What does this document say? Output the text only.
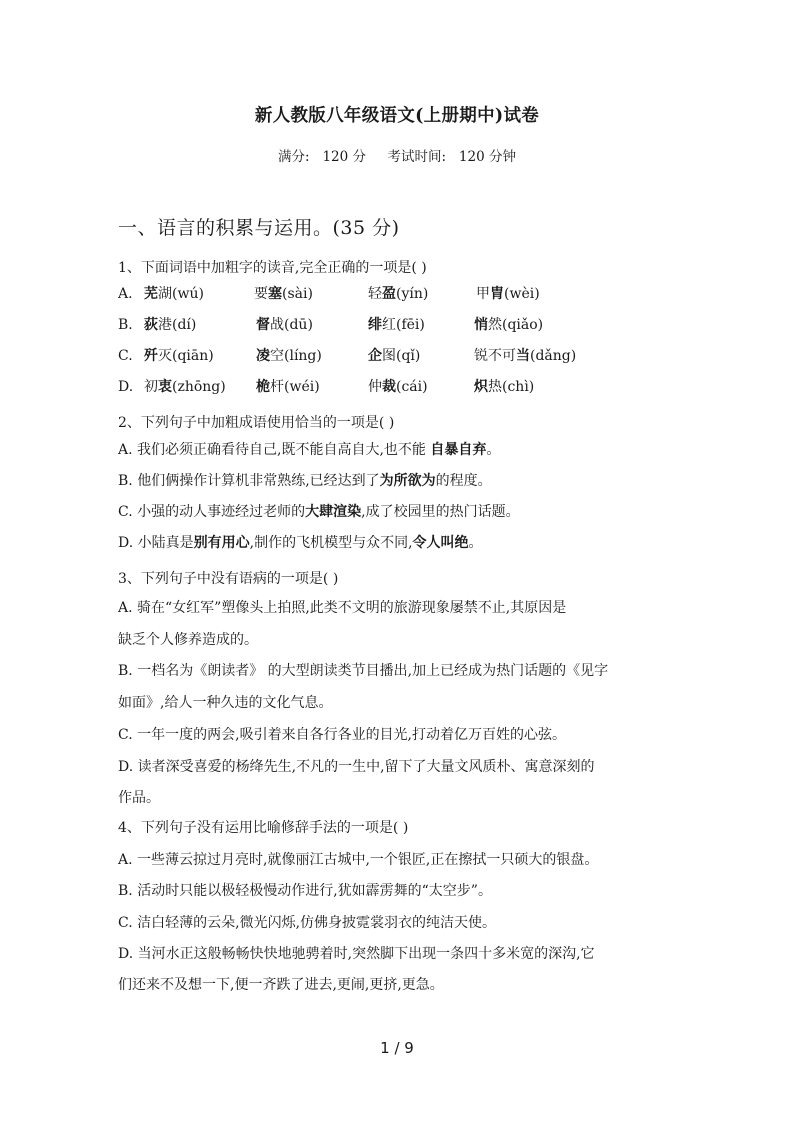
新人教版八年级语文(上册期中)试卷
满分:   120 分     考试时间:   120 分钟
一、语言的积累与运用。(35 分)
1、下面词语中加粗字的读音,完全正确的一项是( )
A. 芜湖(wú)	要塞(sài)	轻盈(yín)	甲胄(wèi)
B. 荻港(dí)	督战(dū)	绯红(fēi)	悄然(qiǎo)
C. 歼灭(qiān)	凌空(líng)	企图(qǐ)	锐不可当(dǎng)
D. 初衷(zhōng) 桅杆(wéi)	仲裁(cái)	炽热(chì)
2、下列句子中加粗成语使用恰当的一项是( )
A. 我们必须正确看待自己,既不能自高自大,也不能 自暴自弃。
B. 他们俩操作计算机非常熟练,已经达到了为所欲为的程度。
C. 小强的动人事迹经过老师的大肆渲染,成了校园里的热门话题。
D. 小陆真是别有用心,制作的飞机模型与众不同,令人叫绝。
3、下列句子中没有语病的一项是( )
A. 骑在“女红军”塑像头上拍照,此类不文明的旅游现象屡禁不止,其原因是
缺乏个人修养造成的。
B. 一档名为《朗读者》 的大型朗读类节目播出,加上已经成为热门话题的《见字
如面》,给人一种久违的文化气息。
C. 一年一度的两会,吸引着来自各行各业的目光,打动着亿万百姓的心弦。
D. 读者深受喜爱的杨绛先生,不凡的一生中,留下了大量文风质朴、寓意深刻的
作品。
4、下列句子没有运用比喻修辞手法的一项是( )
A. 一些薄云掠过月亮时,就像丽江古城中,一个银匠,正在擦拭一只硕大的银盘。
B. 活动时只能以极轻极慢动作进行,犹如霹雳舞的“太空步”。
C. 洁白轻薄的云朵,微光闪烁,仿佛身披霓裳羽衣的纯洁天使。
D. 当河水正这般畅畅快快地驰骋着时,突然脚下出现一条四十多米宽的深沟,它
们还来不及想一下,便一齐跌了进去,更闹,更挤,更急。
1 / 9
